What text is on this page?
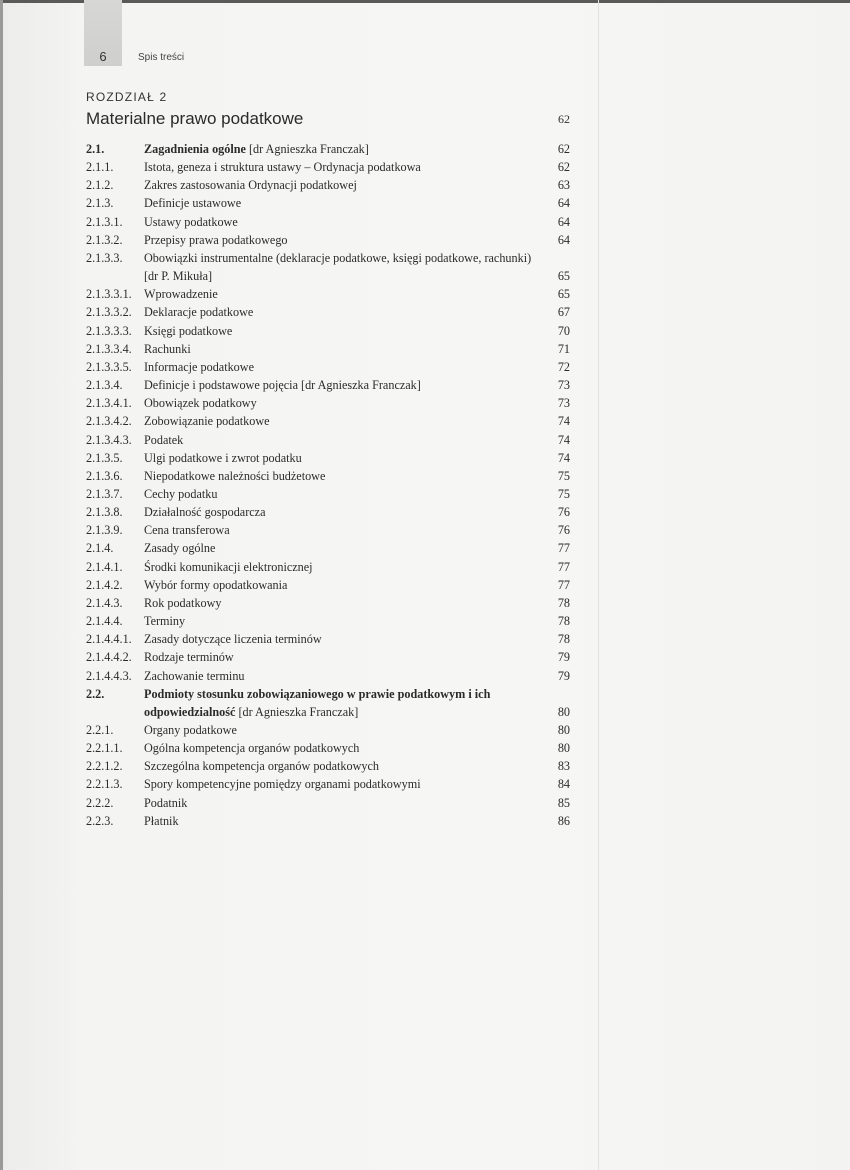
6	Spis treści
ROZDZIAŁ 2
Materialne prawo podatkowe	62
2.1.	Zagadnienia ogólne [dr Agnieszka Franczak]	62
2.1.1.	Istota, geneza i struktura ustawy – Ordynacja podatkowa	62
2.1.2.	Zakres zastosowania Ordynacji podatkowej	63
2.1.3.	Definicje ustawowe	64
2.1.3.1.	Ustawy podatkowe	64
2.1.3.2.	Przepisy prawa podatkowego	64
2.1.3.3.	Obowiązki instrumentalne (deklaracje podatkowe, księgi podatkowe, rachunki) [dr P. Mikuła]	65
2.1.3.3.1.	Wprowadzenie	65
2.1.3.3.2.	Deklaracje podatkowe	67
2.1.3.3.3.	Księgi podatkowe	70
2.1.3.3.4.	Rachunki	71
2.1.3.3.5.	Informacje podatkowe	72
2.1.3.4.	Definicje i podstawowe pojęcia [dr Agnieszka Franczak]	73
2.1.3.4.1.	Obowiązek podatkowy	73
2.1.3.4.2.	Zobowiązanie podatkowe	74
2.1.3.4.3.	Podatek	74
2.1.3.5.	Ulgi podatkowe i zwrot podatku	74
2.1.3.6.	Niepodatkowe należności budżetowe	75
2.1.3.7.	Cechy podatku	75
2.1.3.8.	Działalność gospodarcza	76
2.1.3.9.	Cena transferowa	76
2.1.4.	Zasady ogólne	77
2.1.4.1.	Środki komunikacji elektronicznej	77
2.1.4.2.	Wybór formy opodatkowania	77
2.1.4.3.	Rok podatkowy	78
2.1.4.4.	Terminy	78
2.1.4.4.1.	Zasady dotyczące liczenia terminów	78
2.1.4.4.2.	Rodzaje terminów	79
2.1.4.4.3.	Zachowanie terminu	79
2.2.	Podmioty stosunku zobowiązaniowego w prawie podatkowym i ich odpowiedzialność [dr Agnieszka Franczak]	80
2.2.1.	Organy podatkowe	80
2.2.1.1.	Ogólna kompetencja organów podatkowych	80
2.2.1.2.	Szczególna kompetencja organów podatkowych	83
2.2.1.3.	Spory kompetencyjne pomiędzy organami podatkowymi	84
2.2.2.	Podatnik	85
2.2.3.	Płatnik	86
